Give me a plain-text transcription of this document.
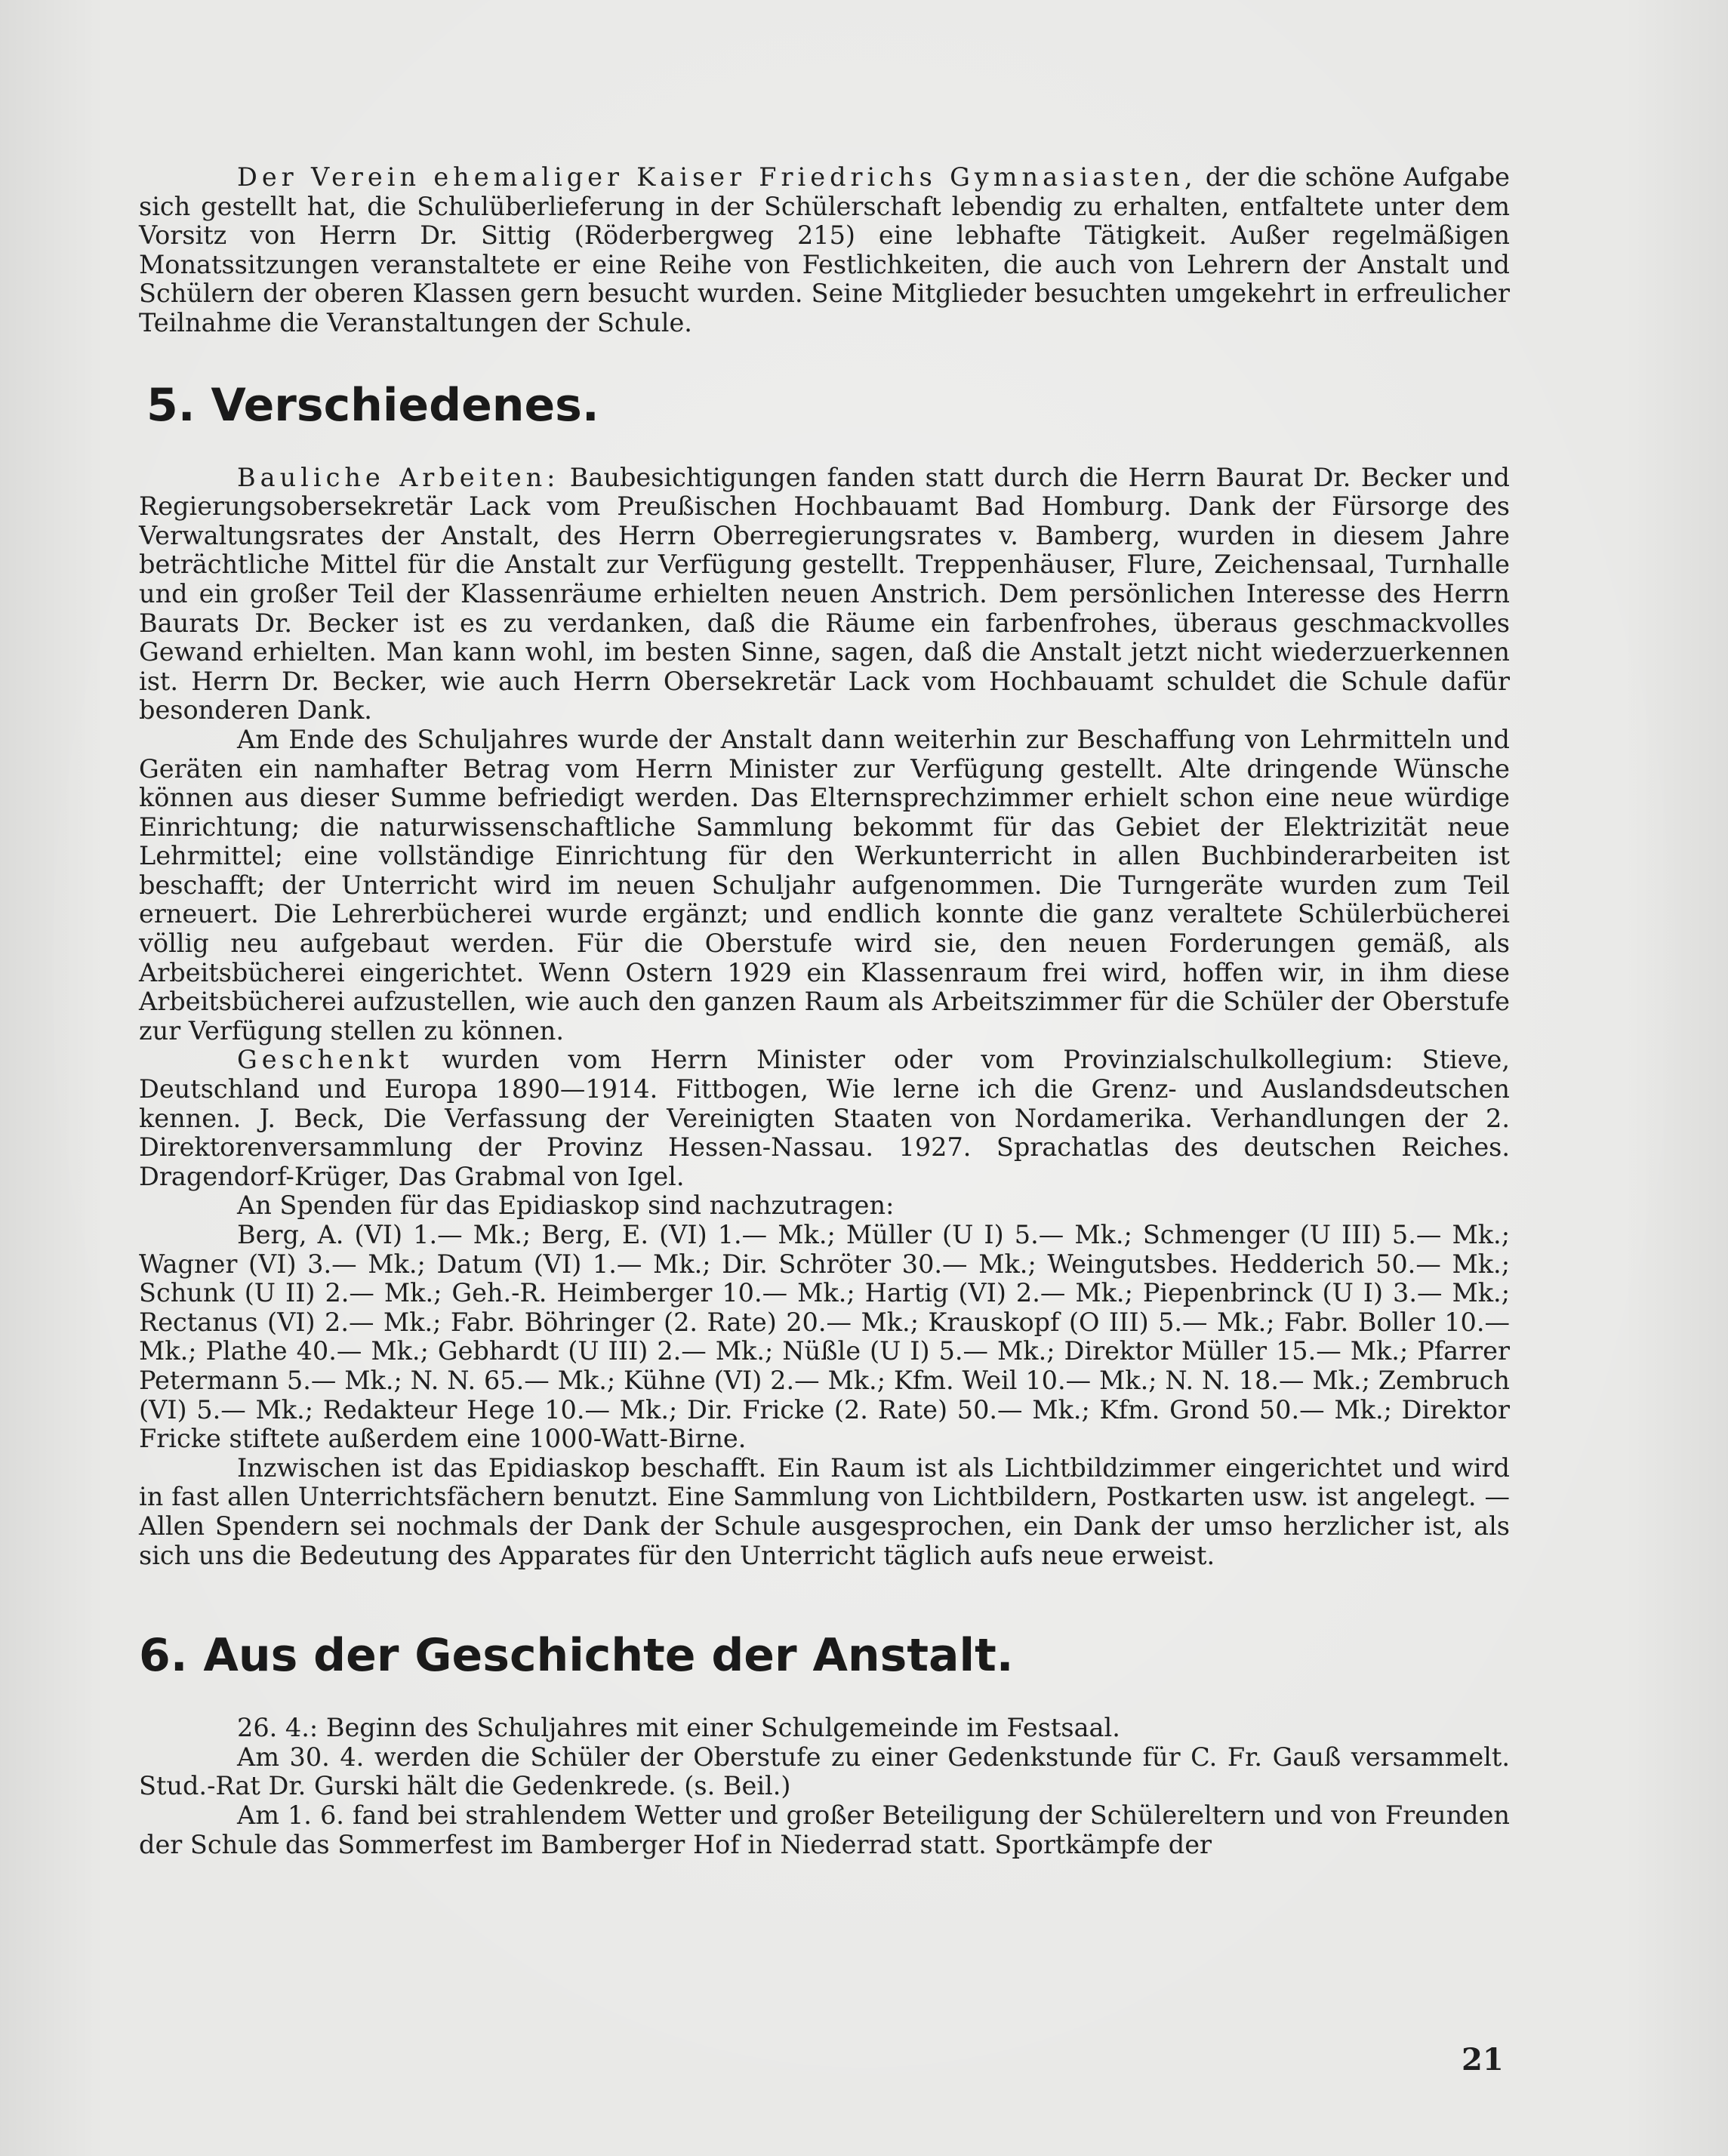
Der Verein ehemaliger Kaiser Friedrichs Gymnasiasten, der die schöne Aufgabe sich gestellt hat, die Schulüberlieferung in der Schülerschaft lebendig zu erhalten, entfaltete unter dem Vorsitz von Herrn Dr. Sittig (Röderbergweg 215) eine lebhafte Tätigkeit. Außer regelmäßigen Monatssitzungen veranstaltete er eine Reihe von Festlichkeiten, die auch von Lehrern der Anstalt und Schülern der oberen Klassen gern besucht wurden. Seine Mitglieder besuchten umgekehrt in erfreulicher Teilnahme die Veranstaltungen der Schule.

5. Verschiedenes.

Bauliche Arbeiten: Baubesichtigungen fanden statt durch die Herrn Baurat Dr. Becker und Regierungsobersekretär Lack vom Preußischen Hochbauamt Bad Homburg. Dank der Fürsorge des Verwaltungsrates der Anstalt, des Herrn Oberregierungsrates v. Bamberg, wurden in diesem Jahre beträchtliche Mittel für die Anstalt zur Verfügung gestellt. Treppenhäuser, Flure, Zeichensaal, Turnhalle und ein großer Teil der Klassenräume erhielten neuen Anstrich. Dem persönlichen Interesse des Herrn Baurats Dr. Becker ist es zu verdanken, daß die Räume ein farbenfrohes, überaus geschmackvolles Gewand erhielten. Man kann wohl, im besten Sinne, sagen, daß die Anstalt jetzt nicht wiederzuerkennen ist. Herrn Dr. Becker, wie auch Herrn Obersekretär Lack vom Hochbauamt schuldet die Schule dafür besonderen Dank.

Am Ende des Schuljahres wurde der Anstalt dann weiterhin zur Beschaffung von Lehrmitteln und Geräten ein namhafter Betrag vom Herrn Minister zur Verfügung gestellt. Alte dringende Wünsche können aus dieser Summe befriedigt werden. Das Elternsprechzimmer erhielt schon eine neue würdige Einrichtung; die naturwissenschaftliche Sammlung bekommt für das Gebiet der Elektrizität neue Lehrmittel; eine vollständige Einrichtung für den Werkunterricht in allen Buchbinderarbeiten ist beschafft; der Unterricht wird im neuen Schuljahr aufgenommen. Die Turngeräte wurden zum Teil erneuert. Die Lehrerbücherei wurde ergänzt; und endlich konnte die ganz veraltete Schülerbücherei völlig neu aufgebaut werden. Für die Oberstufe wird sie, den neuen Forderungen gemäß, als Arbeitsbücherei eingerichtet. Wenn Ostern 1929 ein Klassenraum frei wird, hoffen wir, in ihm diese Arbeitsbücherei aufzustellen, wie auch den ganzen Raum als Arbeitszimmer für die Schüler der Oberstufe zur Verfügung stellen zu können.

Geschenkt wurden vom Herrn Minister oder vom Provinzialschulkollegium: Stieve, Deutschland und Europa 1890—1914. Fittbogen, Wie lerne ich die Grenz- und Auslandsdeutschen kennen. J. Beck, Die Verfassung der Vereinigten Staaten von Nordamerika. Verhandlungen der 2. Direktorenversammlung der Provinz Hessen-Nassau. 1927. Sprachatlas des deutschen Reiches. Dragendorf-Krüger, Das Grabmal von Igel.

An Spenden für das Epidiaskop sind nachzutragen:

Berg, A. (VI) 1.— Mk.; Berg, E. (VI) 1.— Mk.; Müller (U I) 5.— Mk.; Schmenger (U III) 5.— Mk.; Wagner (VI) 3.— Mk.; Datum (VI) 1.— Mk.; Dir. Schröter 30.— Mk.; Weingutsbes. Hedderich 50.— Mk.; Schunk (U II) 2.— Mk.; Geh.-R. Heimberger 10.— Mk.; Hartig (VI) 2.— Mk.; Piepenbrinck (U I) 3.— Mk.; Rectanus (VI) 2.— Mk.; Fabr. Böhringer (2. Rate) 20.— Mk.; Krauskopf (O III) 5.— Mk.; Fabr. Boller 10.— Mk.; Plathe 40.— Mk.; Gebhardt (U III) 2.— Mk.; Nüßle (U I) 5.— Mk.; Direktor Müller 15.— Mk.; Pfarrer Petermann 5.— Mk.; N. N. 65.— Mk.; Kühne (VI) 2.— Mk.; Kfm. Weil 10.— Mk.; N. N. 18.— Mk.; Zembruch (VI) 5.— Mk.; Redakteur Hege 10.— Mk.; Dir. Fricke (2. Rate) 50.— Mk.; Kfm. Grond 50.— Mk.; Direktor Fricke stiftete außerdem eine 1000-Watt-Birne.

Inzwischen ist das Epidiaskop beschafft. Ein Raum ist als Lichtbildzimmer eingerichtet und wird in fast allen Unterrichtsfächern benutzt. Eine Sammlung von Lichtbildern, Postkarten usw. ist angelegt. — Allen Spendern sei nochmals der Dank der Schule ausgesprochen, ein Dank der umso herzlicher ist, als sich uns die Bedeutung des Apparates für den Unterricht täglich aufs neue erweist.

6. Aus der Geschichte der Anstalt.

26. 4.: Beginn des Schuljahres mit einer Schulgemeinde im Festsaal.

Am 30. 4. werden die Schüler der Oberstufe zu einer Gedenkstunde für C. Fr. Gauß versammelt. Stud.-Rat Dr. Gurski hält die Gedenkrede. (s. Beil.)

Am 1. 6. fand bei strahlendem Wetter und großer Beteiligung der Schülereltern und von Freunden der Schule das Sommerfest im Bamberger Hof in Niederrad statt. Sportkämpfe der

21
